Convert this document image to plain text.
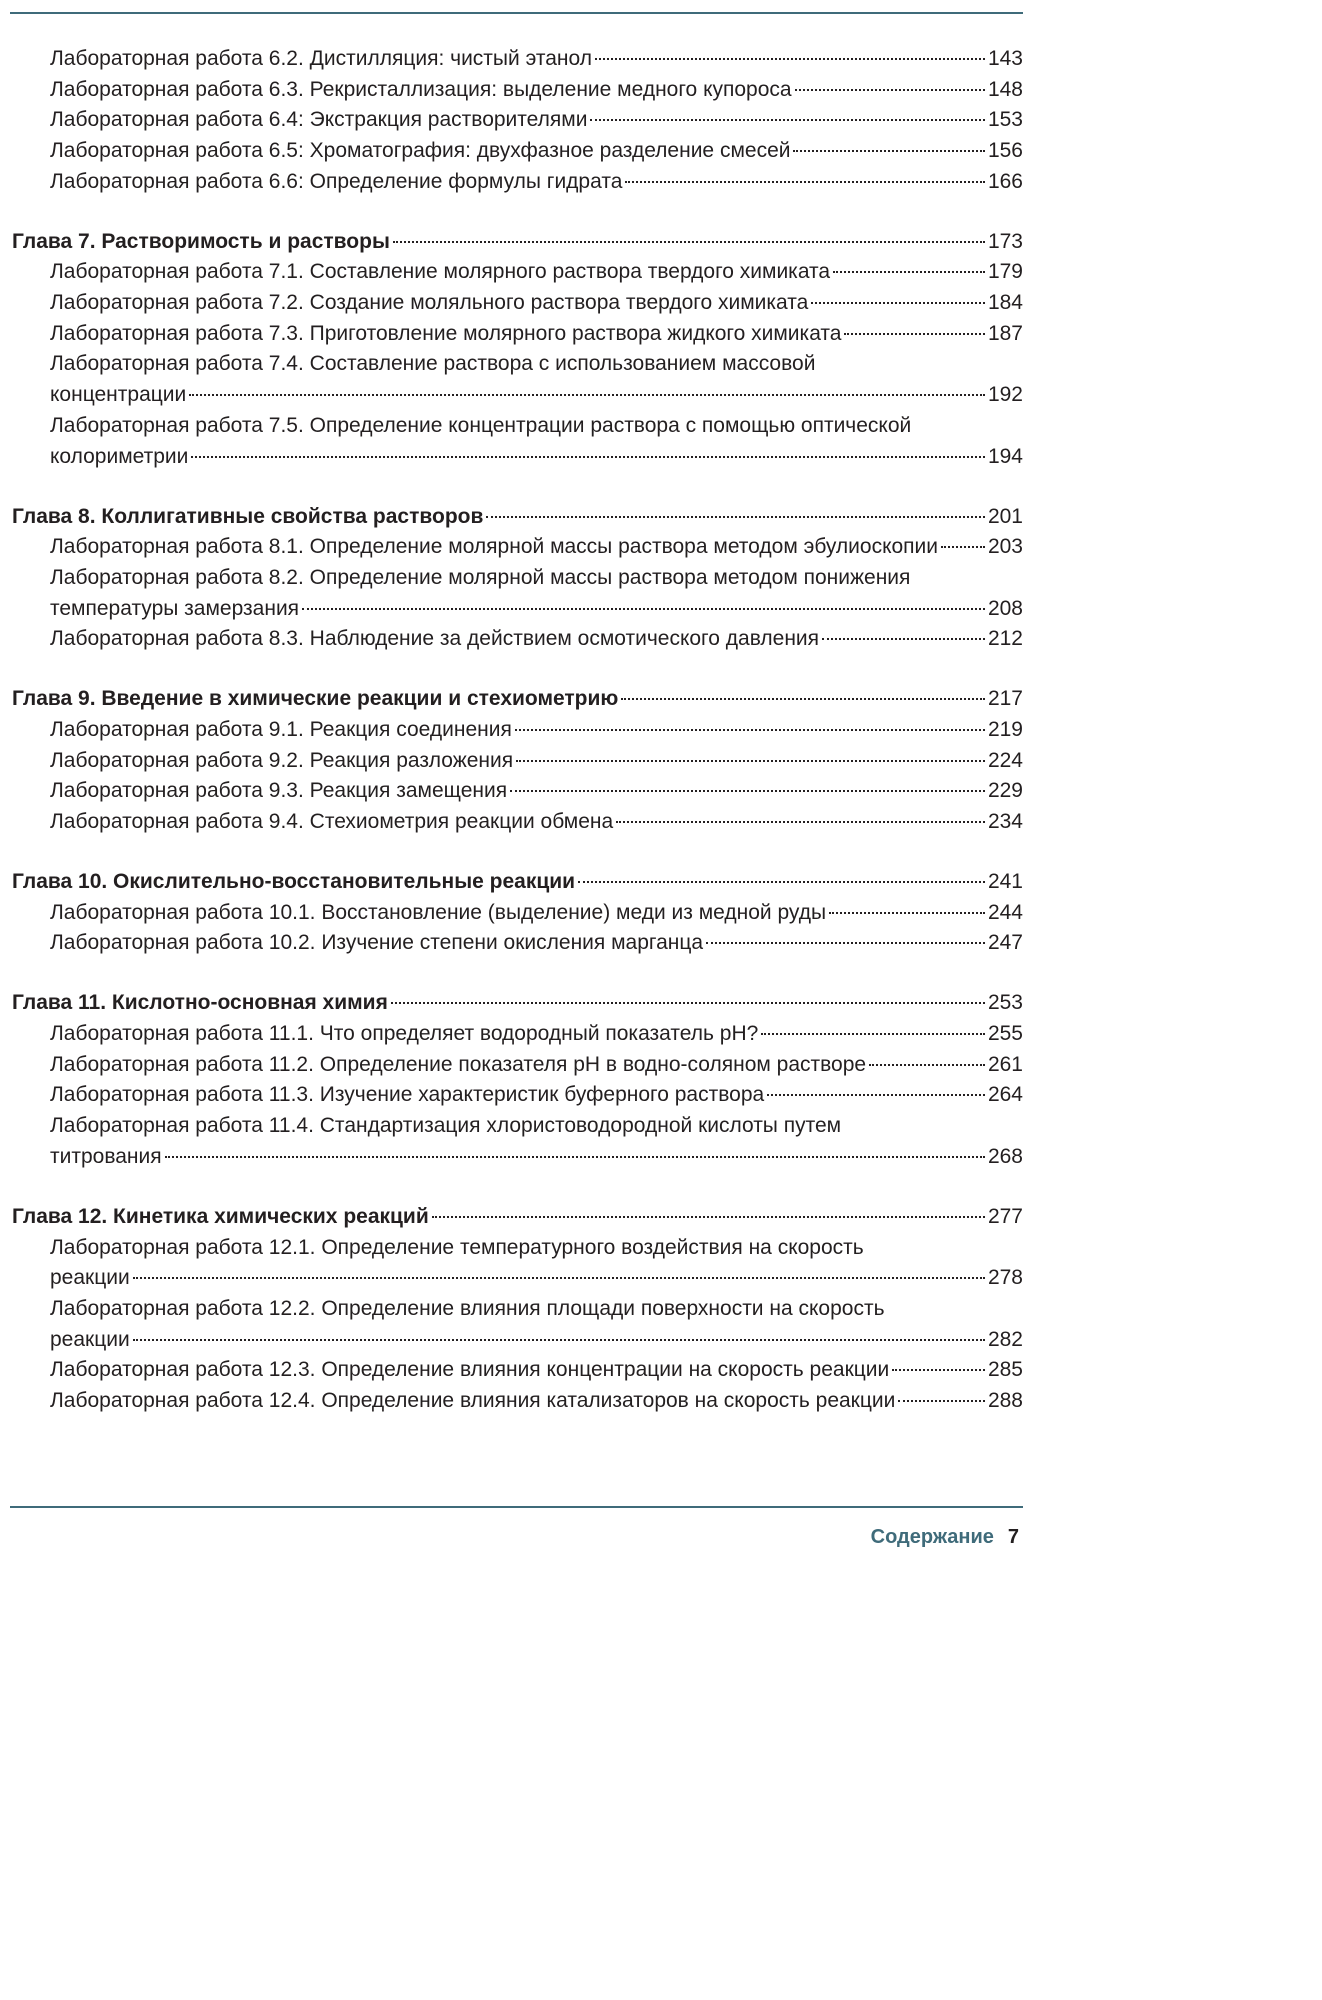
Лабораторная работа 6.2. Дистилляция: чистый этанол	143
Лабораторная работа 6.3. Рекристаллизация: выделение медного купороса	148
Лабораторная работа 6.4: Экстракция растворителями	153
Лабораторная работа 6.5: Хроматография: двухфазное разделение смесей	156
Лабораторная работа 6.6: Определение формулы гидрата	166
Глава 7. Растворимость и растворы	173
Лабораторная работа 7.1. Составление молярного раствора твердого химиката	179
Лабораторная работа 7.2. Создание моляльного раствора твердого химиката	184
Лабораторная работа 7.3. Приготовление молярного раствора жидкого химиката	187
Лабораторная работа 7.4. Составление раствора с использованием массовой
концентрации	192
Лабораторная работа 7.5. Определение концентрации раствора с помощью оптической
колориметрии	194
Глава 8. Коллигативные свойства растворов	201
Лабораторная работа 8.1. Определение молярной массы раствора методом эбулиоскопии 203
Лабораторная работа 8.2. Определение молярной массы раствора методом понижения
температуры замерзания	208
Лабораторная работа 8.3. Наблюдение за действием осмотического давления	212
Глава 9. Введение в химические реакции и стехиометрию	217
Лабораторная работа 9.1. Реакция соединения	219
Лабораторная работа 9.2. Реакция разложения	224
Лабораторная работа 9.3. Реакция замещения	229
Лабораторная работа 9.4. Стехиометрия реакции обмена	234
Глава 10. Окислительно-восстановительные реакции	241
Лабораторная работа 10.1. Восстановление (выделение) меди из медной руды	244
Лабораторная работа 10.2. Изучение степени окисления марганца	247
Глава 11. Кислотно-основная химия	253
Лабораторная работа 11.1. Что определяет водородный показатель pH?	255
Лабораторная работа 11.2. Определение показателя pH в водно-соляном растворе	261
Лабораторная работа 11.3. Изучение характеристик буферного раствора	264
Лабораторная работа 11.4. Стандартизация хлористоводородной кислоты путем
титрования	268
Глава 12. Кинетика химических реакций	277
Лабораторная работа 12.1. Определение температурного воздействия на скорость
реакции	278
Лабораторная работа 12.2. Определение влияния площади поверхности на скорость
реакции	282
Лабораторная работа 12.3. Определение влияния концентрации на скорость реакции	285
Лабораторная работа 12.4. Определение влияния катализаторов на скорость реакции	288
Содержание 7
